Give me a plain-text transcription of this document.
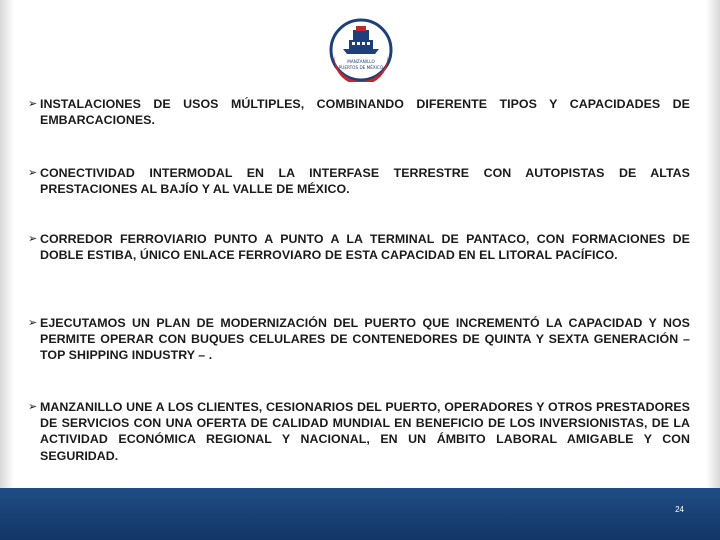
MANZANILLO
PUERTOS DE MÉXICO
➢ INSTALACIONES DE USOS MÚLTIPLES, COMBINANDO DIFERENTE TIPOS Y CAPACIDADES DE EMBARCACIONES.

➢ CONECTIVIDAD INTERMODAL EN LA INTERFASE TERRESTRE CON AUTOPISTAS DE ALTAS PRESTACIONES AL BAJÍO Y AL VALLE DE MÉXICO.

➢ CORREDOR FERROVIARIO PUNTO A PUNTO A LA TERMINAL DE PANTACO, CON FORMACIONES DE DOBLE ESTIBA, ÚNICO ENLACE FERROVIARO DE ESTA CAPACIDAD EN EL LITORAL PACÍFICO.

➢ EJECUTAMOS UN PLAN DE MODERNIZACIÓN DEL PUERTO QUE INCREMENTÓ LA CAPACIDAD Y NOS PERMITE OPERAR CON BUQUES CELULARES DE CONTENEDORES DE QUINTA Y SEXTA GENERACIÓN – TOP SHIPPING INDUSTRY – .

➢ MANZANILLO UNE A LOS CLIENTES, CESIONARIOS DEL PUERTO, OPERADORES Y OTROS PRESTADORES DE SERVICIOS CON UNA OFERTA DE CALIDAD MUNDIAL EN BENEFICIO DE LOS INVERSIONISTAS, DE LA ACTIVIDAD ECONÓMICA REGIONAL Y NACIONAL, EN UN ÁMBITO LABORAL AMIGABLE Y CON SEGURIDAD.

24
